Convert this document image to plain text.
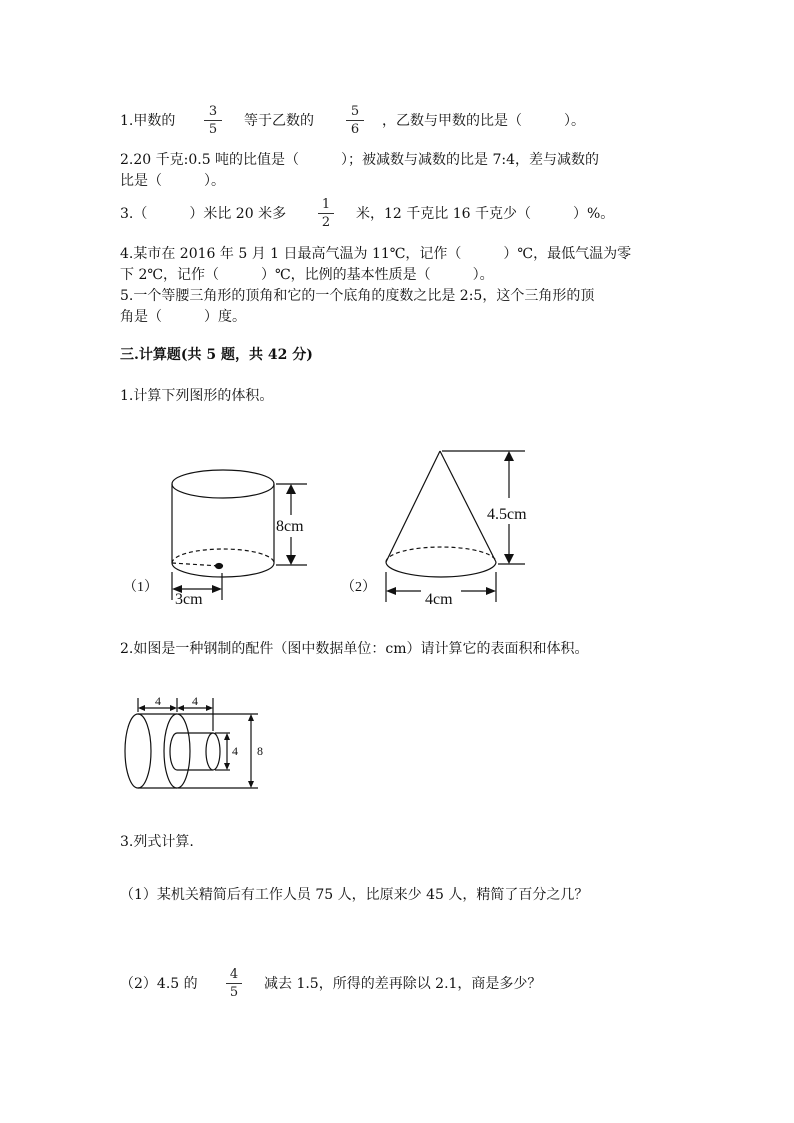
1.甲数的
3
5
等于乙数的
5
6
，乙数与甲数的比是（　　　）。
2.20 千克:0.5 吨的比值是（　　　）；被减数与减数的比是 7:4，差与减数的
比是（　　　）。
3.（　　　）米比 20 米多
1
2
米，12 千克比 16 千克少（　　　）%。
4.某市在 2016 年 5 月 1 日最高气温为 11℃，记作（　　　）℃，最低气温为零
下 2℃，记作（　　　）℃，比例的基本性质是（　　　）。
5.一个等腰三角形的顶角和它的一个底角的度数之比是 2:5，这个三角形的顶
角是（　　　）度。
三.计算题(共 5 题，共 42 分)
1.计算下列图形的体积。
8cm
3cm
（1）
4.5cm
4cm
（2）
2.如图是一种钢制的配件（图中数据单位：cm）请计算它的表面积和体积。
4	4
4 8
3.列式计算.
（1）某机关精简后有工作人员 75 人，比原来少 45 人，精简了百分之几？
（2）4.5 的
4
5
减去 1.5，所得的差再除以 2.1，商是多少？
